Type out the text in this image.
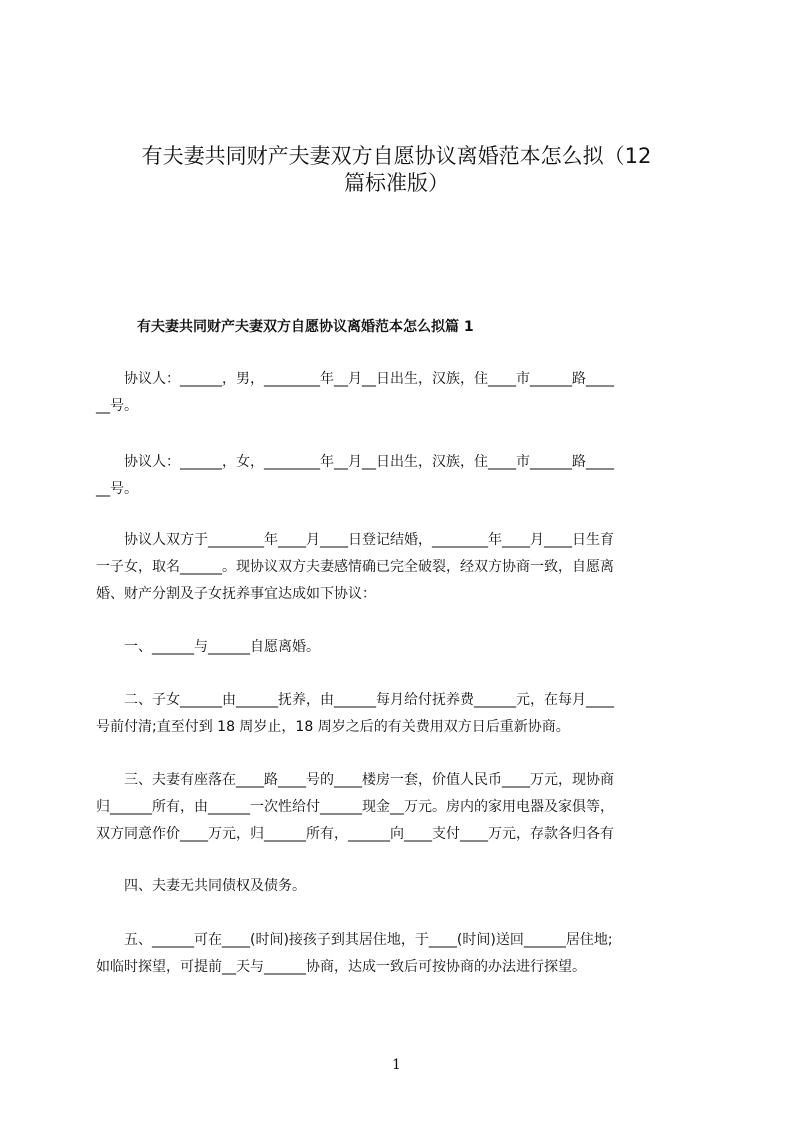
有夫妻共同财产夫妻双方自愿协议离婚范本怎么拟（12
篇标准版）
有夫妻共同财产夫妻双方自愿协议离婚范本怎么拟篇 1

　　协议人：______，男，________年__月__日出生，汉族，住____市______路____
__号。

　　协议人：______，女，________年__月__日出生，汉族，住____市______路____
__号。

　　协议人双方于________年____月____日登记结婚，________年____月____日生育
一子女，取名______。现协议双方夫妻感情确已完全破裂，经双方协商一致，自愿离
婚、财产分割及子女抚养事宜达成如下协议：

　　一、______与______自愿离婚。

　　二、子女______由______抚养，由______每月给付抚养费______元，在每月____
号前付清;直至付到 18 周岁止，18 周岁之后的有关费用双方日后重新协商。

　　三、夫妻有座落在____路____号的____楼房一套，价值人民币____万元，现协商
归______所有，由______一次性给付______现金__万元。房内的家用电器及家俱等，
双方同意作价____万元，归______所有，______向____支付____万元，存款各归各有

　　四、夫妻无共同债权及债务。

　　五、______可在____(时间)接孩子到其居住地，于____(时间)送回______居住地;
如临时探望，可提前__天与______协商，达成一致后可按协商的办法进行探望。

1
